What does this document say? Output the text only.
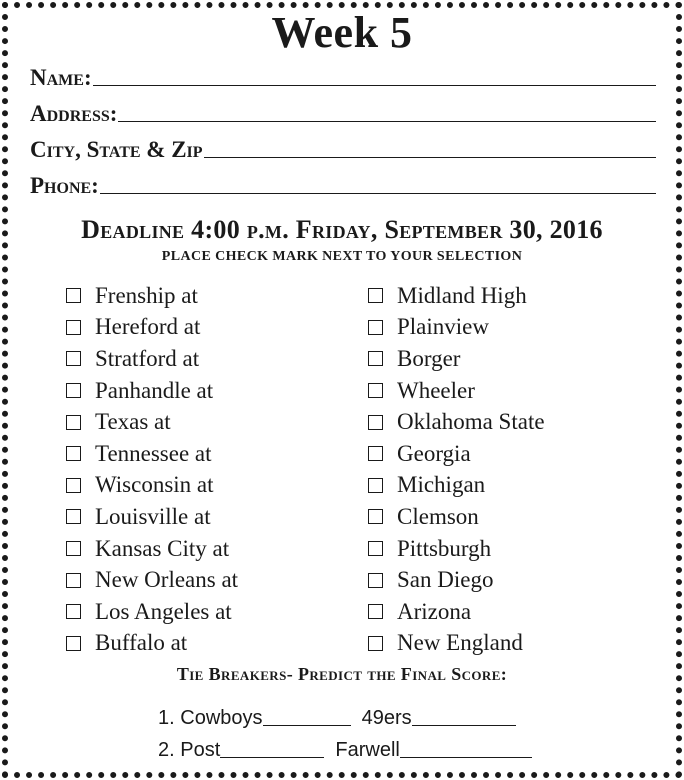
Week 5
Name:
Address:
City, State & Zip
Phone:
Deadline 4:00 p.m. Friday, September 30, 2016
PLACE CHECK MARK NEXT TO YOUR SELECTION
Frenship at
Hereford at
Stratford at
Panhandle at
Texas at
Tennessee at
Wisconsin at
Louisville at
Kansas City at
New Orleans at
Los Angeles at
Buffalo at
Midland High
Plainview
Borger
Wheeler
Oklahoma State
Georgia
Michigan
Clemson
Pittsburgh
San Diego
Arizona
New England
Tie Breakers- Predict the Final Score:
1.
Cowboys
	49ers
2.
Post
	Farwell
